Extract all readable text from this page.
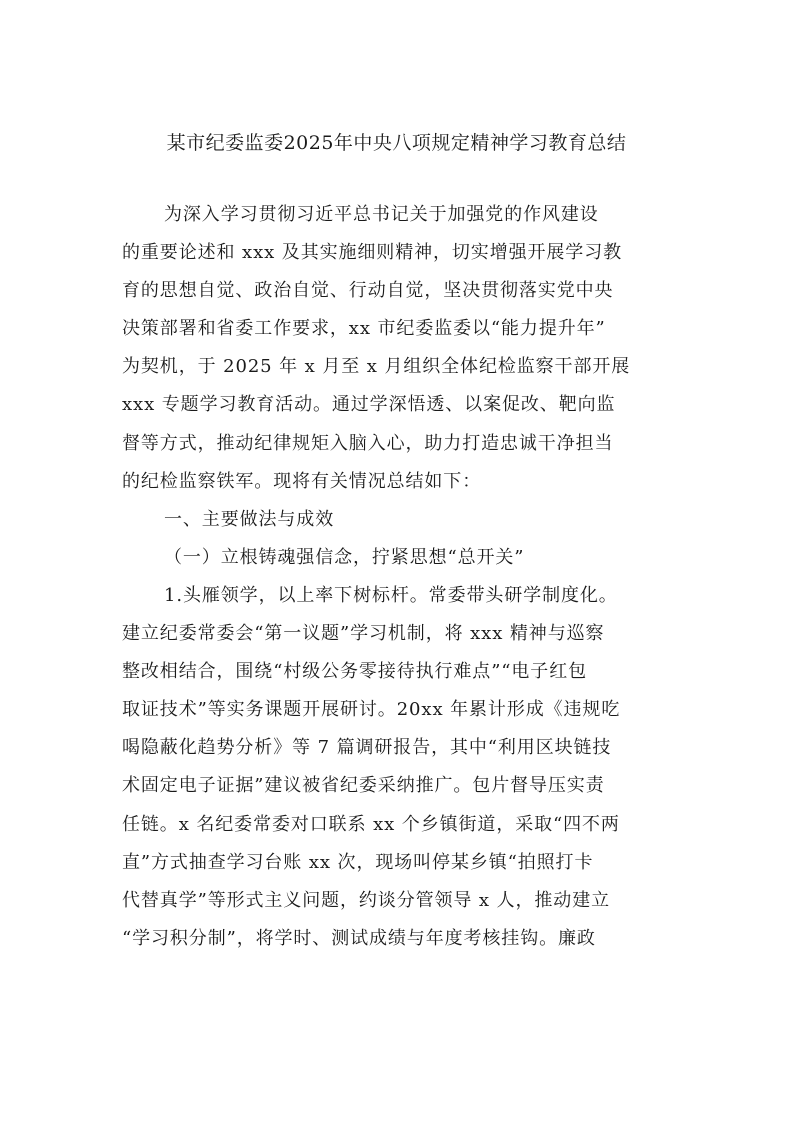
某市纪委监委2025年中央八项规定精神学习教育总结
为深入学习贯彻习近平总书记关于加强党的作风建设
的重要论述和 xxx 及其实施细则精神，切实增强开展学习教
育的思想自觉、政治自觉、行动自觉，坚决贯彻落实党中央
决策部署和省委工作要求，xx 市纪委监委以“能力提升年”
为契机，于 2025 年 x 月至 x 月组织全体纪检监察干部开展
xxx 专题学习教育活动。通过学深悟透、以案促改、靶向监
督等方式，推动纪律规矩入脑入心，助力打造忠诚干净担当
的纪检监察铁军。现将有关情况总结如下：
一、主要做法与成效
（一）立根铸魂强信念，拧紧思想“总开关”
1.头雁领学，以上率下树标杆。常委带头研学制度化。
建立纪委常委会“第一议题”学习机制，将 xxx 精神与巡察
整改相结合，围绕“村级公务零接待执行难点”“电子红包
取证技术”等实务课题开展研讨。20xx 年累计形成《违规吃
喝隐蔽化趋势分析》等 7 篇调研报告，其中“利用区块链技
术固定电子证据”建议被省纪委采纳推广。包片督导压实责
任链。x 名纪委常委对口联系 xx 个乡镇街道，采取“四不两
直”方式抽查学习台账 xx 次，现场叫停某乡镇“拍照打卡
代替真学”等形式主义问题，约谈分管领导 x 人，推动建立
“学习积分制”，将学时、测试成绩与年度考核挂钩。廉政
